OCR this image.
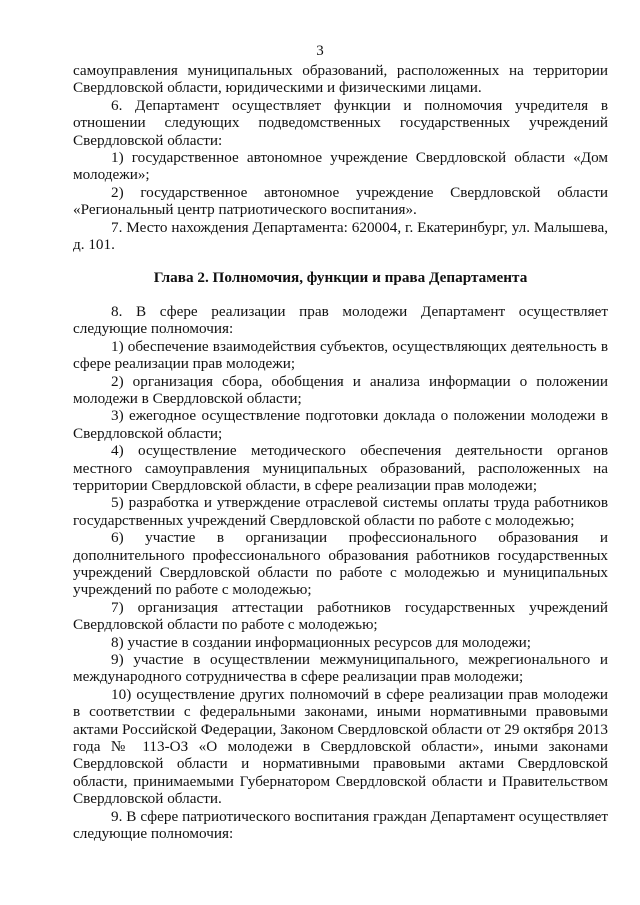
3

самоуправления муниципальных образований, расположенных на территории Свердловской области, юридическими и физическими лицами.

6. Департамент осуществляет функции и полномочия учредителя в отношении следующих подведомственных государственных учреждений Свердловской области:

1) государственное автономное учреждение Свердловской области «Дом молодежи»;

2) государственное автономное учреждение Свердловской области «Региональный центр патриотического воспитания».

7. Место нахождения Департамента: 620004, г. Екатеринбург, ул. Малышева, д. 101.

Глава 2. Полномочия, функции и права Департамента

8. В сфере реализации прав молодежи Департамент осуществляет следующие полномочия:

1) обеспечение взаимодействия субъектов, осуществляющих деятельность в сфере реализации прав молодежи;

2) организация сбора, обобщения и анализа информации о положении молодежи в Свердловской области;

3) ежегодное осуществление подготовки доклада о положении молодежи в Свердловской области;

4) осуществление методического обеспечения деятельности органов местного самоуправления муниципальных образований, расположенных на территории Свердловской области, в сфере реализации прав молодежи;

5) разработка и утверждение отраслевой системы оплаты труда работников государственных учреждений Свердловской области по работе с молодежью;

6) участие в организации профессионального образования и дополнительного профессионального образования работников государственных учреждений Свердловской области по работе с молодежью и муниципальных учреждений по работе с молодежью;

7) организация аттестации работников государственных учреждений Свердловской области по работе с молодежью;

8) участие в создании информационных ресурсов для молодежи;

9) участие в осуществлении межмуниципального, межрегионального и международного сотрудничества в сфере реализации прав молодежи;

10) осуществление других полномочий в сфере реализации прав молодежи в соответствии с федеральными законами, иными нормативными правовыми актами Российской Федерации, Законом Свердловской области от 29 октября 2013 года № 113-ОЗ «О молодежи в Свердловской области», иными законами Свердловской области и нормативными правовыми актами Свердловской области, принимаемыми Губернатором Свердловской области и Правительством Свердловской области.

9. В сфере патриотического воспитания граждан Департамент осуществляет следующие полномочия:
